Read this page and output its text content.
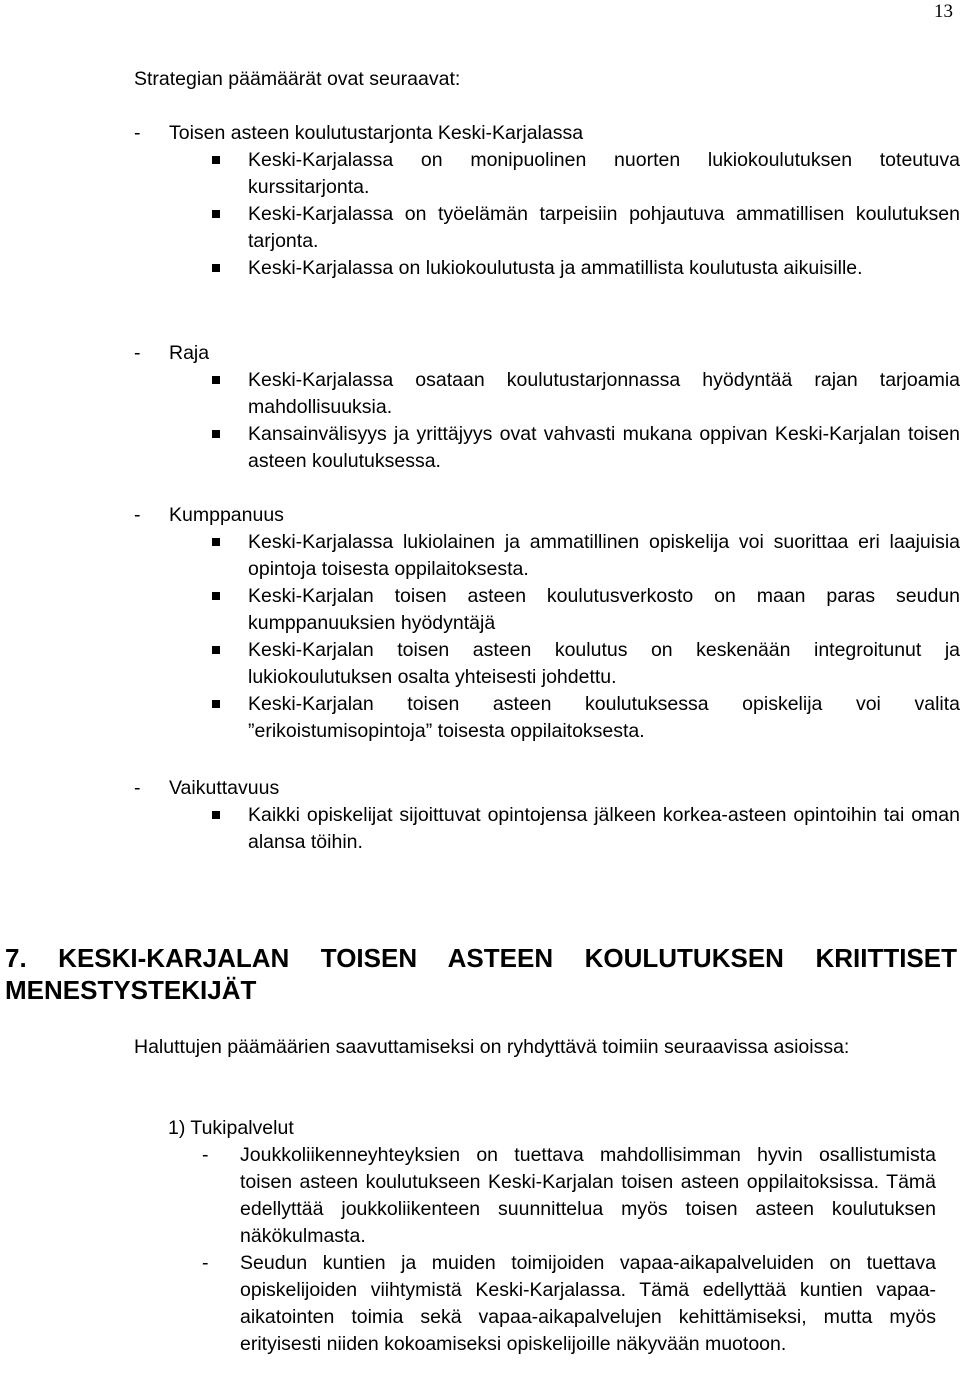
13
Strategian päämäärät ovat seuraavat:
- Toisen asteen koulutustarjonta Keski-Karjalassa
Keski-Karjalassa on monipuolinen nuorten lukiokoulutuksen toteutuva kurssitarjonta.
Keski-Karjalassa on työelämän tarpeisiin pohjautuva ammatillisen koulutuksen tarjonta.
Keski-Karjalassa on lukiokoulutusta ja ammatillista koulutusta aikuisille.
- Raja
Keski-Karjalassa osataan koulutustarjonnassa hyödyntää rajan tarjoamia mahdollisuuksia.
Kansainvälisyys ja yrittäjyys ovat vahvasti mukana oppivan Keski-Karjalan toisen asteen koulutuksessa.
- Kumppanuus
Keski-Karjalassa lukiolainen ja ammatillinen opiskelija voi suorittaa eri laajuisia opintoja toisesta oppilaitoksesta.
Keski-Karjalan toisen asteen koulutusverkosto on maan paras seudun kumppanuuksien hyödyntäjä
Keski-Karjalan toisen asteen koulutus on keskenään integroitunut ja lukiokoulutuksen osalta yhteisesti johdettu.
Keski-Karjalan toisen asteen koulutuksessa opiskelija voi valita ”erikoistumisopintoja” toisesta oppilaitoksesta.
- Vaikuttavuus
Kaikki opiskelijat sijoittuvat opintojensa jälkeen korkea-asteen opintoihin tai oman alansa töihin.
7. KESKI-KARJALAN TOISEN ASTEEN KOULUTUKSEN KRIITTISET MENESTYSTEKIJÄT
Haluttujen päämäärien saavuttamiseksi on ryhdyttävä toimiin seuraavissa asioissa:
1) Tukipalvelut
- Joukkoliikenneyhteyksien on tuettava mahdollisimman hyvin osallistumista toisen asteen koulutukseen Keski-Karjalan toisen asteen oppilaitoksissa. Tämä edellyttää joukkoliikenteen suunnittelua myös toisen asteen koulutuksen näkökulmasta.
- Seudun kuntien ja muiden toimijoiden vapaa-aikapalveluiden on tuettava opiskelijoiden viihtymistä Keski-Karjalassa. Tämä edellyttää kuntien vapaa-aikatointen toimia sekä vapaa-aikapalvelujen kehittämiseksi, mutta myös erityisesti niiden kokoamiseksi opiskelijoille näkyvään muotoon.
